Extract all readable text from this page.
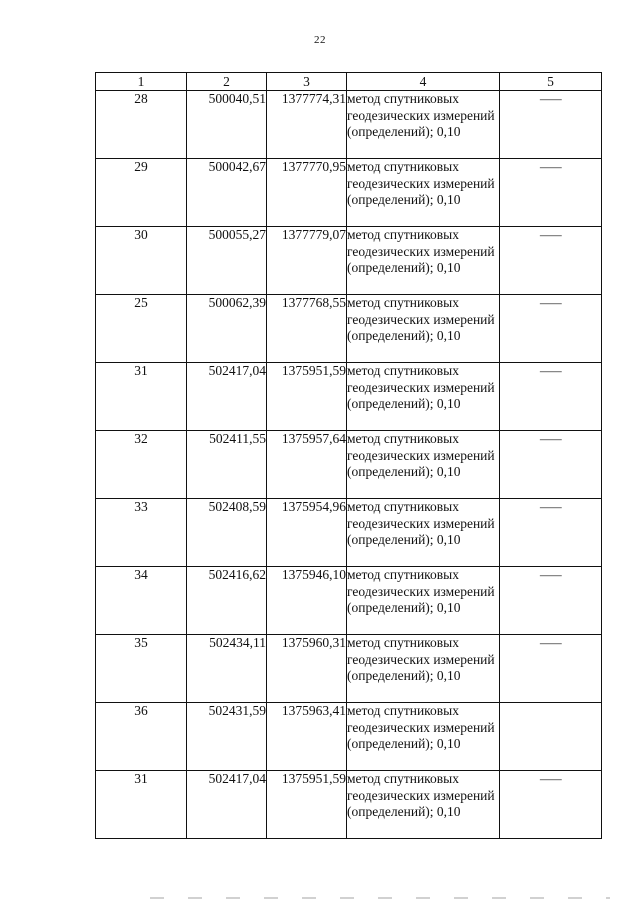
22
1	2	3	4	5
28	500040,51	1377774,31	метод спутниковых геодезических измерений (определений); 0,10	—
29	500042,67	1377770,95	метод спутниковых геодезических измерений (определений); 0,10	—
30	500055,27	1377779,07	метод спутниковых геодезических измерений (определений); 0,10	—
25	500062,39	1377768,55	метод спутниковых геодезических измерений (определений); 0,10	—
31	502417,04	1375951,59	метод спутниковых геодезических измерений (определений); 0,10	—
32	502411,55	1375957,64	метод спутниковых геодезических измерений (определений); 0,10	—
33	502408,59	1375954,96	метод спутниковых геодезических измерений (определений); 0,10	—
34	502416,62	1375946,10	метод спутниковых геодезических измерений (определений); 0,10	—
35	502434,11	1375960,31	метод спутниковых геодезических измерений (определений); 0,10	—
36	502431,59	1375963,41	метод спутниковых геодезических измерений (определений); 0,10	
31	502417,04	1375951,59	метод спутниковых геодезических измерений (определений); 0,10	—
